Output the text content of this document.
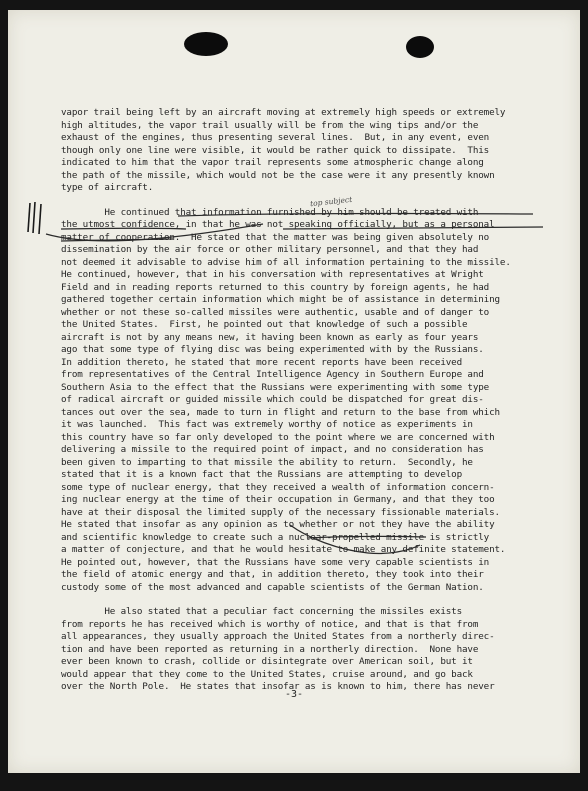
vapor trail being left by an aircraft moving at extremely high speeds or extremely
high altitudes, the vapor trail usually will be from the wing tips and/or the
exhaust of the engines, thus presenting several lines.  But, in any event, even
though only one line were visible, it would be rather quick to dissipate.  This
indicated to him that the vapor trail represents some atmospheric change along
the path of the missile, which would not be the case were it any presently known
type of aircraft.
He continued that information furnished by him should be treated with
the utmost confidence, in that he was not speaking officially, but as a personal
matter of cooperation.  He stated that the matter was being given absolutely no
dissemination by the air force or other military personnel, and that they had
not deemed it advisable to advise him of all information pertaining to the missile.
He continued, however, that in his conversation with representatives at Wright
Field and in reading reports returned to this country by foreign agents, he had
gathered together certain information which might be of assistance in determining
whether or not these so-called missiles were authentic, usable and of danger to
the United States.  First, he pointed out that knowledge of such a possible
aircraft is not by any means new, it having been known as early as four years
ago that some type of flying disc was being experimented with by the Russians.
In addition thereto, he stated that more recent reports have been received
from representatives of the Central Intelligence Agency in Southern Europe and
Southern Asia to the effect that the Russians were experimenting with some type
of radical aircraft or guided missile which could be dispatched for great dis-
tances out over the sea, made to turn in flight and return to the base from which
it was launched.  This fact was extremely worthy of notice as experiments in
this country have so far only developed to the point where we are concerned with
delivering a missile to the required point of impact, and no consideration has
been given to imparting to that missile the ability to return.  Secondly, he
stated that it is a known fact that the Russians are attempting to develop
some type of nuclear energy, that they received a wealth of information concern-
ing nuclear energy at the time of their occupation in Germany, and that they too
have at their disposal the limited supply of the necessary fissionable materials.
He stated that insofar as any opinion as to whether or not they have the ability
and scientific knowledge to create such a nuclear-propelled missile is strictly
a matter of conjecture, and that he would hesitate to make any definite statement.
He pointed out, however, that the Russians have some very capable scientists in
the field of atomic energy and that, in addition thereto, they took into their
custody some of the most advanced and capable scientists of the German Nation.
He also stated that a peculiar fact concerning the missiles exists
from reports he has received which is worthy of notice, and that is that from
all appearances, they usually approach the United States from a northerly direc-
tion and have been reported as returning in a northerly direction.  None have
ever been known to crash, collide or disintegrate over American soil, but it
would appear that they come to the United States, cruise around, and go back
over the North Pole.  He states that insofar as is known to him, there has never
top subject
-3-
